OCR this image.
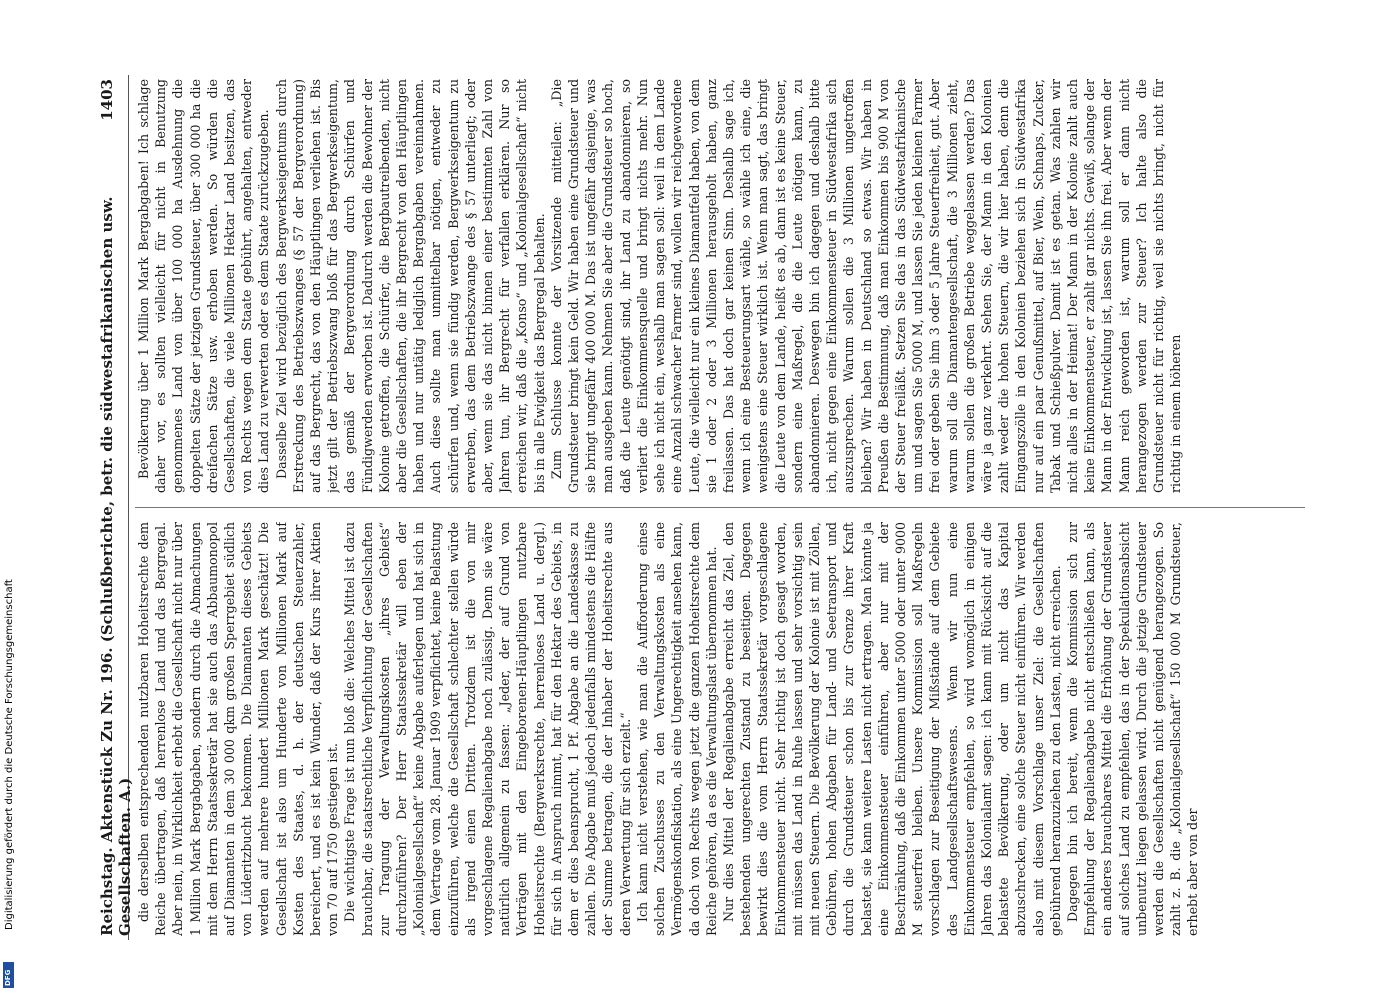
Reichstag. Aktenstück Zu Nr. 196. (Schlußberichte, betr. die südwestafrikanischen usw. Gesellschaften. A.)
1403

die derselben entsprechenden nutzbaren Hoheitsrechte dem Reiche übertragen, daß herrenlose Land und das Bergregal. Aber nein, in Wirklichkeit erhebt die Gesellschaft nicht nur über 1 Million Mark Bergabgaben, sondern durch die Abmachungen mit dem Herrn Staatssekretär hat sie auch das Abbaumonopol auf Diamanten in dem 30 000 qkm großen Sperrgebiet südlich von Lüderitzbucht bekommen. Die Diamanten dieses Gebiets werden auf mehrere hundert Millionen Mark geschätzt! Die Gesellschaft ist also um Hunderte von Millionen Mark auf Kosten des Staates, d. h. der deutschen Steuerzahler, bereichert, und es ist kein Wunder, daß der Kurs ihrer Aktien von 70 auf 1750 gestiegen ist. Die wichtigste Frage ist nun bloß die: Welches Mittel ist dazu brauchbar, die staatsrechtliche Verpflichtung der Gesellschaften zur Tragung der Verwaltungskosten „ihres Gebiets“ durchzuführen? Der Herr Staatssekretär will eben der „Kolonialgesellschaft“ keine Abgabe auferlegen und hat sich in dem Vertrage vom 28. Januar 1909 verpflichtet, keine Belastung einzuführen, welche die Gesellschaft schlechter stellen würde als irgend einen Dritten. Trotzdem ist die von mir vorgeschlagene Regalienabgabe noch zulässig. Denn sie wäre natürlich allgemein zu fassen: „Jeder, der auf Grund von Verträgen mit den Eingeborenen-Häuptlingen nutzbare Hoheitsrechte (Bergwerksrechte, herrenloses Land u. dergl.) für sich in Anspruch nimmt, hat für den Hektar des Gebiets, in dem er dies beansprucht, 1 Pf. Abgabe an die Landeskasse zu zahlen. Die Abgabe muß jedoch jedenfalls mindestens die Hälfte der Summe betragen, die der Inhaber der Hoheitsrechte aus deren Verwertung für sich erzielt.“ Ich kann nicht verstehen, wie man die Aufforderung eines solchen Zuschusses zu den Verwaltungskosten als eine Vermögenskonfiskation, als eine Ungerechtigkeit ansehen kann, da doch von Rechts wegen jetzt die ganzen Hoheitsrechte dem Reiche gehören, da es die Verwaltungslast übernommen hat. Nur dies Mittel der Regalienabgabe erreicht das Ziel, den bestehenden ungerechten Zustand zu beseitigen. Dagegen bewirkt dies die vom Herrn Staatssekretär vorgeschlagene Einkommensteuer nicht. Sehr richtig ist doch gesagt worden, mit müssen das Land in Ruhe lassen und sehr vorsichtig sein mit neuen Steuern. Die Bevölkerung der Kolonie ist mit Zöllen, Gebühren, hohen Abgaben für Land- und Seetransport und durch die Grundsteuer schon bis zur Grenze ihrer Kraft belastet, sie kann weitere Lasten nicht ertragen. Man könnte ja eine Einkommensteuer einführen, aber nur mit der Beschränkung, daß die Einkommen unter 5000 oder unter 9000 M steuerfrei bleiben. Unsere Kommission soll Maßregeln vorschlagen zur Beseitigung der Mißstände auf dem Gebiete des Landgesellschaftswesens. Wenn wir nun eine Einkommensteuer empfehlen, so wird womöglich in einigen Jahren das Kolonialamt sagen: ich kann mit Rücksicht auf die belastete Bevölkerung, oder um nicht das Kapital abzuschrecken, eine solche Steuer nicht einführen. Wir werden also mit diesem Vorschlage unser Ziel: die Gesellschaften gebührend heranzuziehen zu den Lasten, nicht erreichen. Dagegen bin ich bereit, wenn die Kommission sich zur Empfehlung der Regalienabgabe nicht entschließen kann, als ein anderes brauchbares Mittel die Erhöhung der Grundsteuer auf solches Land zu empfehlen, das in der Spekulationsabsicht unbenutzt liegen gelassen wird. Durch die jetzige Grundsteuer werden die Gesellschaften nicht genügend herangezogen. So zahlt z. B. die „Kolonialgesellschaft“ 150 000 M Grundsteuer, erhebt aber von der

Bevölkerung über 1 Million Mark Bergabgaben! Ich schlage daher vor, es sollten vielleicht für nicht in Benutzung genommenes Land von über 100 000 ha Ausdehnung die doppelten Sätze der jetzigen Grundsteuer, über 300 000 ha die dreifachen Sätze usw. erhoben werden. So würden die Gesellschaften, die viele Millionen Hektar Land besitzen, das von Rechts wegen dem Staate gebührt, angehalten, entweder dies Land zu verwerten oder es dem Staate zurückzugeben. Dasselbe Ziel wird bezüglich des Bergwerkseigentums durch Erstreckung des Betriebszwanges (§ 57 der Bergverordnung) auf das Bergrecht, das von den Häuptlingen verliehen ist. Bis jetzt gilt der Betriebszwang bloß für das Bergwerkseigentum, das gemäß der Bergverordnung durch Schürfen und Fündigwerden erworben ist. Dadurch werden die Bewohner der Kolonie getroffen, die Schürfer, die Bergbautreibenden, nicht aber die Gesellschaften, die ihr Bergrecht von den Häuptlingen haben und nur untätig lediglich Bergabgaben vereinnahmen. Auch diese sollte man unmittelbar nötigen, entweder zu schürfen und, wenn sie fündig werden, Bergwerkseigentum zu erwerben, das dem Betriebszwange des § 57 unterliegt; oder aber, wenn sie das nicht binnen einer bestimmten Zahl von Jahren tun, ihr Bergrecht für verfallen erklären. Nur so erreichen wir, daß die „Konso“ und „Kolonialgesellschaft“ nicht bis in alle Ewigkeit das Bergregal behalten. Zum Schlusse konnte der Vorsitzende mitteilen: „Die Grundsteuer bringt kein Geld. Wir haben eine Grundsteuer und sie bringt ungefähr 400 000 M. Das ist ungefähr dasjenige, was man ausgeben kann. Nehmen Sie aber die Grundsteuer so hoch, daß die Leute genötigt sind, ihr Land zu abandonnieren, so verliert die Einkommensquelle und bringt nichts mehr. Nun sehe ich nicht ein, weshalb man sagen soll: weil in dem Lande eine Anzahl schwacher Farmer sind, wollen wir reichgewordene Leute, die vielleicht nur ein kleines Diamantfeld haben, von dem sie 1 oder 2 oder 3 Millionen herausgeholt haben, ganz freilassen. Das hat doch gar keinen Sinn. Deshalb sage ich, wenn ich eine Besteuerungsart wähle, so wähle ich eine, die wenigstens eine Steuer wirklich ist. Wenn man sagt, das bringt die Leute von dem Lande, heißt es ab, dann ist es keine Steuer, sondern eine Maßregel, die die Leute nötigen kann, zu abandonnieren. Deswegen bin ich dagegen und deshalb bitte ich, nicht gegen eine Einkommensteuer in Südwestafrika sich auszusprechen. Warum sollen die 3 Millionen ungetroffen bleiben? Wir haben in Deutschland so etwas. Wir haben in Preußen die Bestimmung, daß man Einkommen bis 900 M von der Steuer freiläßt. Setzen Sie das in das Südwestafrikanische um und sagen Sie 5000 M, und lassen Sie jeden kleinen Farmer frei oder geben Sie ihm 3 oder 5 Jahre Steuerfreiheit, gut. Aber warum soll die Diamantengesellschaft, die 3 Millionen zieht, warum sollen die großen Betriebe weggelassen werden? Das wäre ja ganz verkehrt. Sehen Sie, der Mann in den Kolonien zahlt weder die hohen Steuern, die wir hier haben, denn die Eingangszölle in den Kolonien beziehen sich in Südwestafrika nur auf ein paar Genußmittel, auf Bier, Wein, Schnaps, Zucker, Tabak und Schießpulver. Damit ist es getan. Was zahlen wir nicht alles in der Heimat! Der Mann in der Kolonie zahlt auch keine Einkommensteuer, er zahlt gar nichts. Gewiß, solange der Mann in der Entwicklung ist, lassen Sie ihn frei. Aber wenn der Mann reich geworden ist, warum soll er dann nicht herangezogen werden zur Steuer? Ich halte also die Grundsteuer nicht für richtig, weil sie nichts bringt, nicht für richtig in einem höheren

Digitalisierung gefördert durch die Deutsche Forschungsgemeinschaft
DFG
